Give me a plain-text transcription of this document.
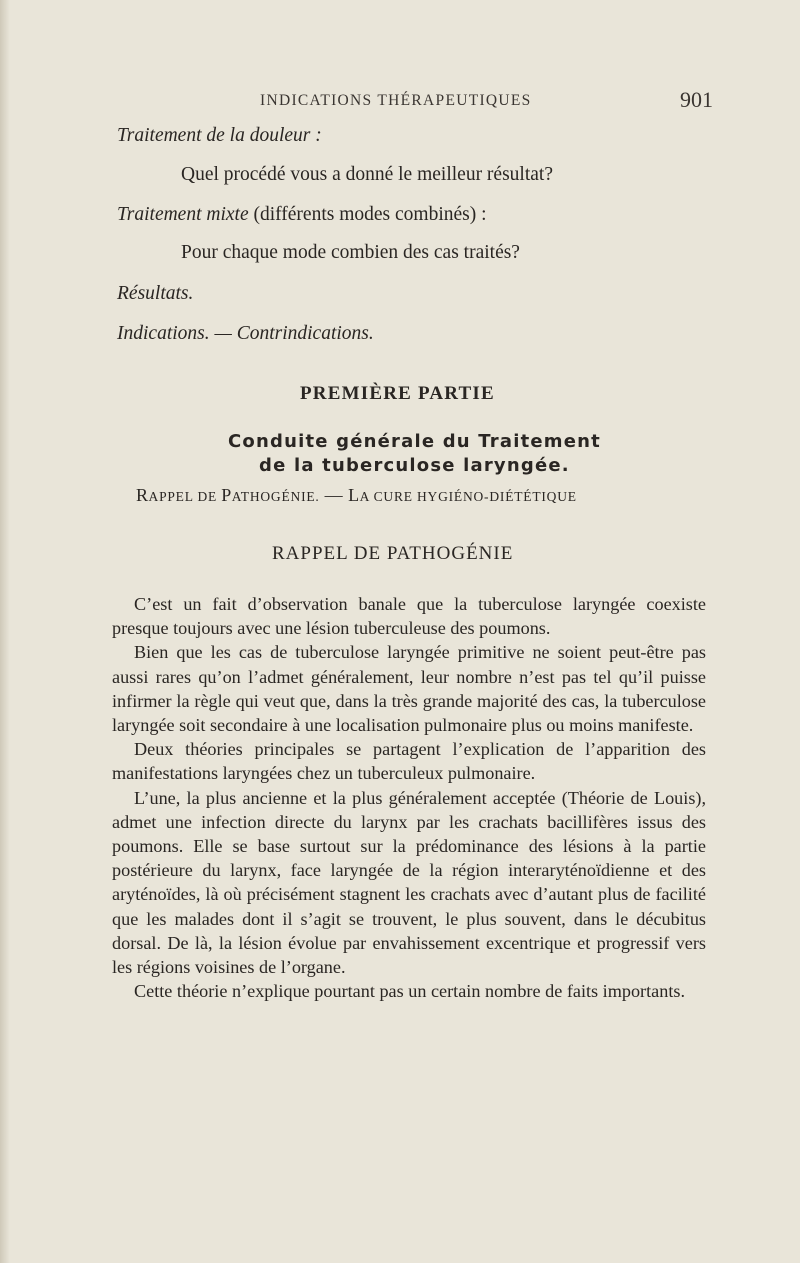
INDICATIONS THÉRAPEUTIQUES	901
Traitement de la douleur :
Quel procédé vous a donné le meilleur résultat?
Traitement mixte (différents modes combinés) :
Pour chaque mode combien des cas traités?
Résultats.
Indications. — Contrindications.
PREMIÈRE PARTIE
Conduite générale du Traitement
de la tuberculose laryngée.
RAPPEL DE PATHOGÉNIE. — LA CURE HYGIÉNO-DIÉTÉTIQUE
RAPPEL DE PATHOGÉNIE

C’est un fait d’observation banale que la tuberculose laryngée coexiste presque toujours avec une lésion tuberculeuse des poumons.

Bien que les cas de tuberculose laryngée primitive ne soient peut-être pas aussi rares qu’on l’admet généralement, leur nombre n’est pas tel qu’il puisse infirmer la règle qui veut que, dans la très grande majorité des cas, la tuberculose laryngée soit secondaire à une localisation pulmonaire plus ou moins manifeste.

Deux théories principales se partagent l’explication de l’apparition des manifestations laryngées chez un tuberculeux pulmonaire.

L’une, la plus ancienne et la plus généralement acceptée (Théorie de Louis), admet une infection directe du larynx par les crachats bacillifères issus des poumons. Elle se base surtout sur la prédominance des lésions à la partie postérieure du larynx, face laryngée de la région interaryténoïdienne et des aryténoïdes, là où précisément stagnent les crachats avec d’autant plus de facilité que les malades dont il s’agit se trouvent, le plus souvent, dans le décubitus dorsal. De là, la lésion évolue par envahissement excentrique et progressif vers les régions voisines de l’organe.

Cette théorie n’explique pourtant pas un certain nombre de faits importants.
